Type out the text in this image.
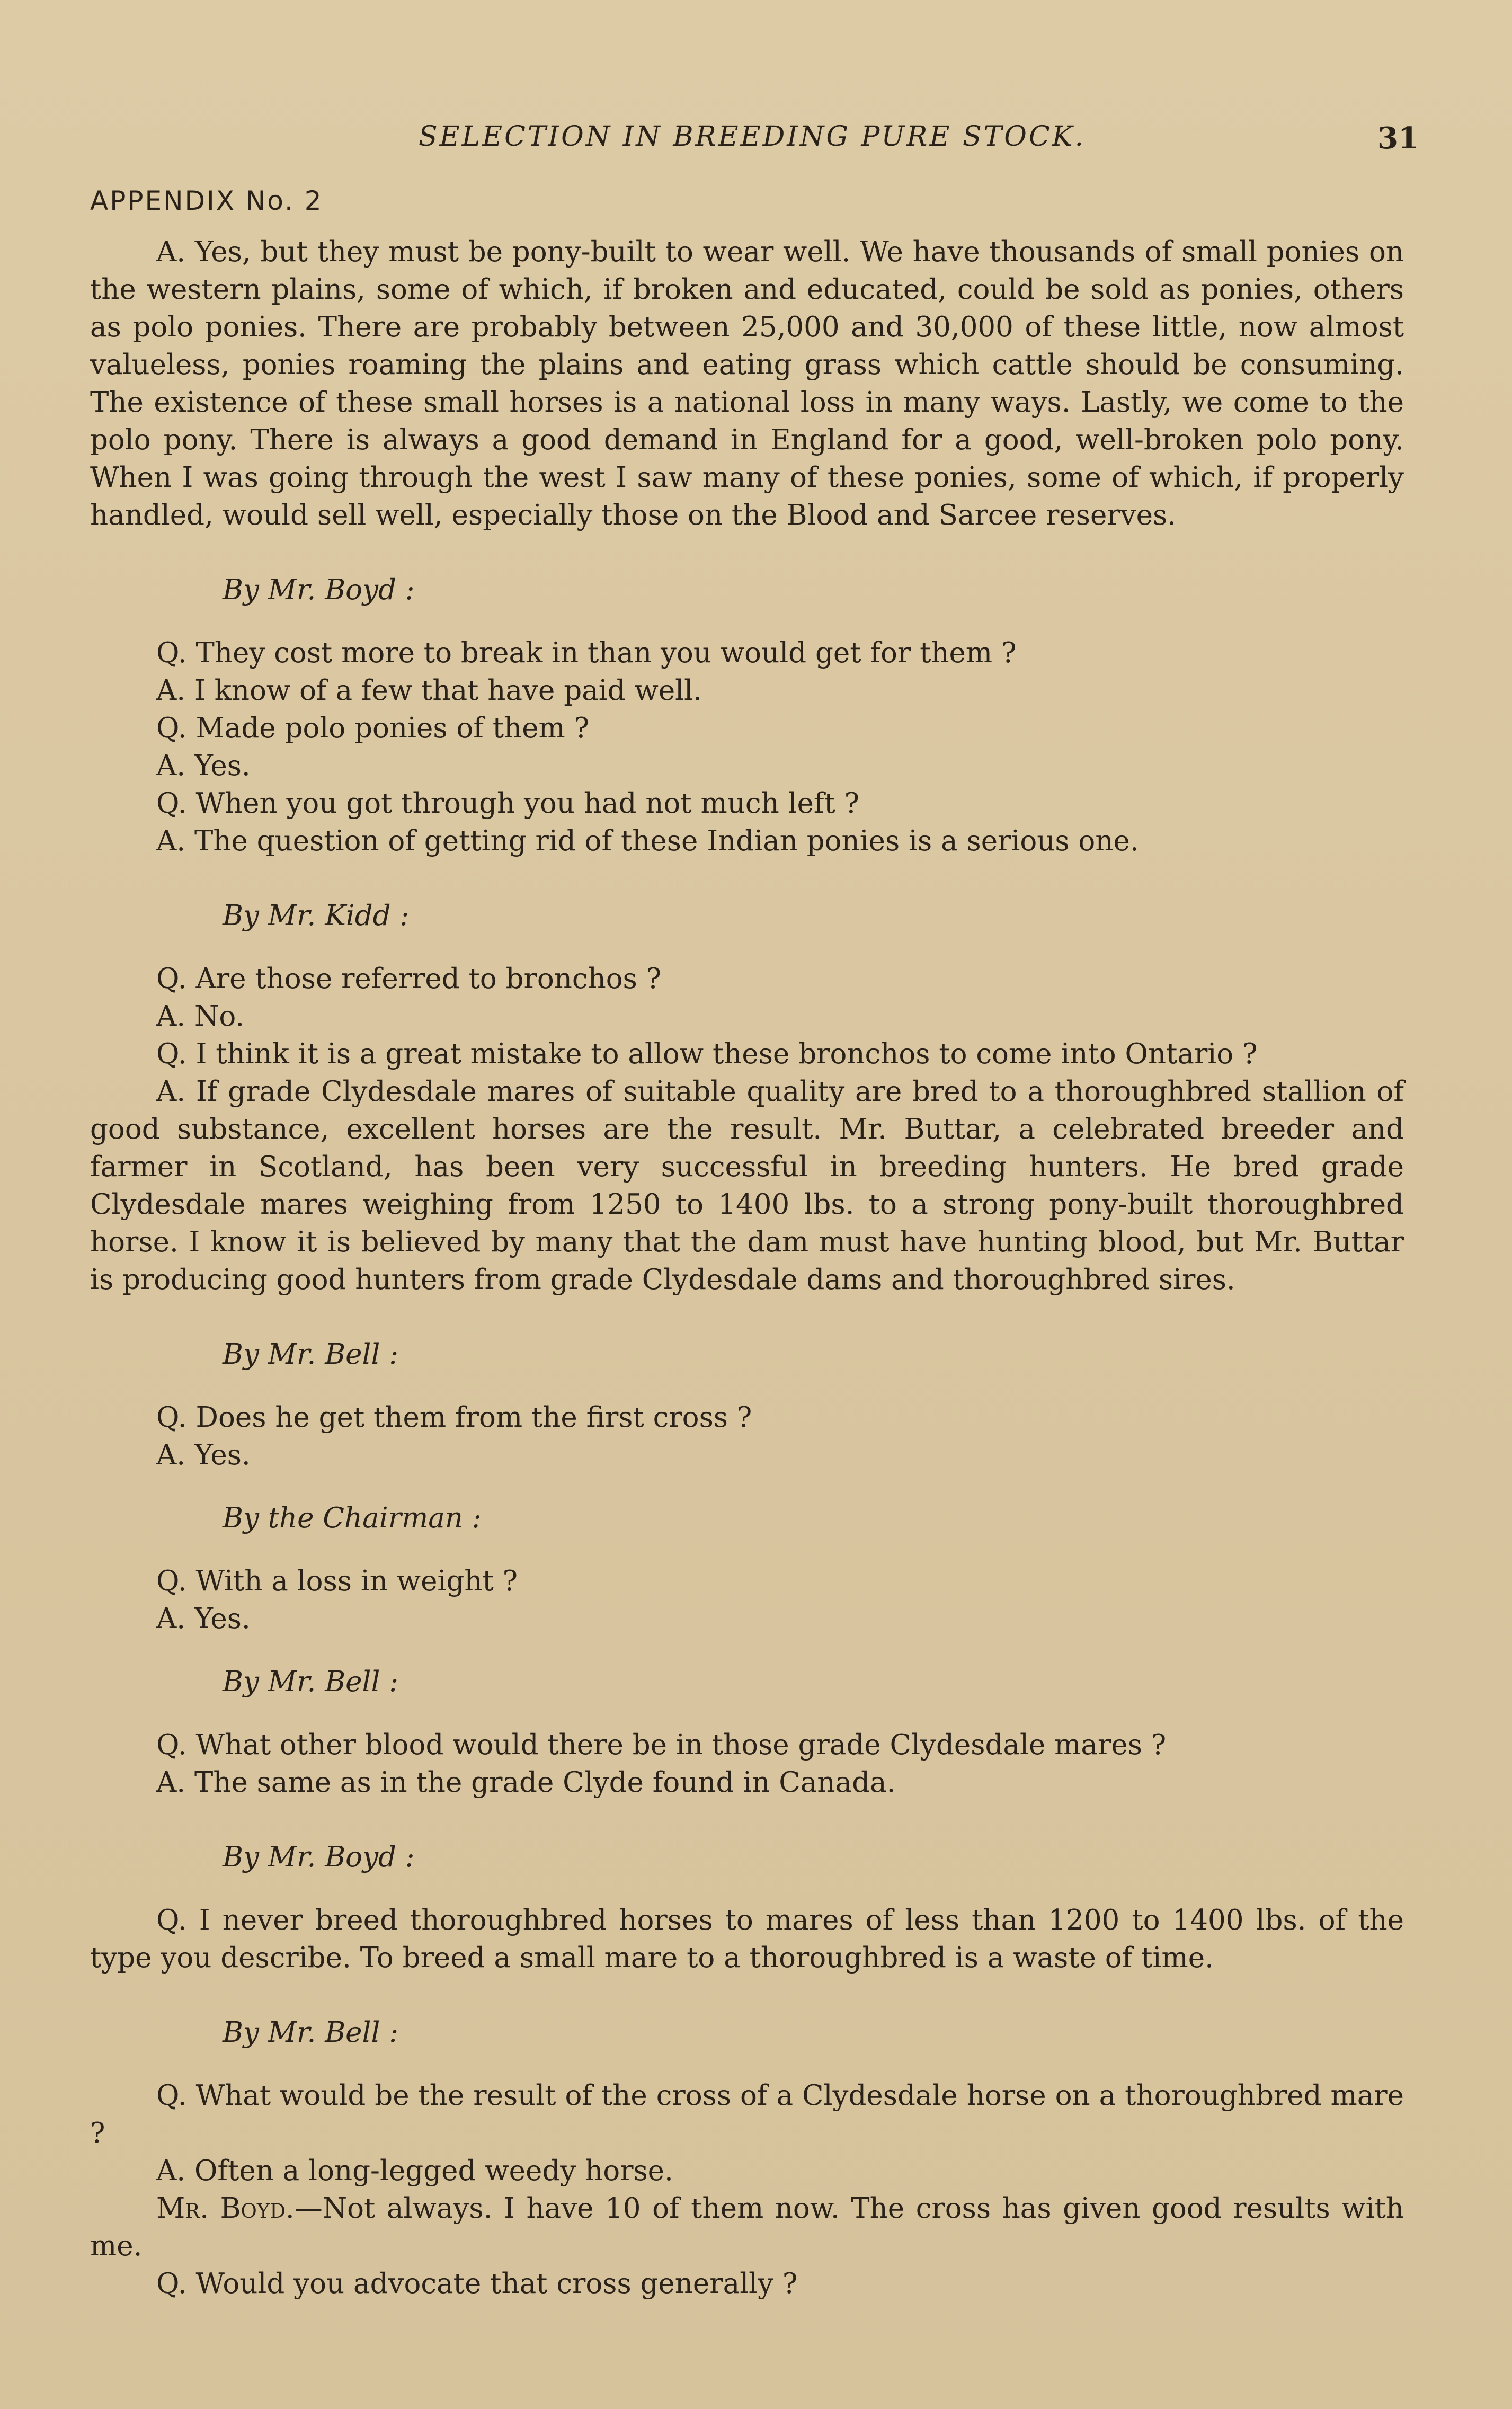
SELECTION IN BREEDING PURE STOCK.	31
APPENDIX No. 2

A. Yes, but they must be pony-built to wear well. We have thousands of small ponies on the western plains, some of which, if broken and educated, could be sold as ponies, others as polo ponies. There are probably between 25,000 and 30,000 of these little, now almost valueless, ponies roaming the plains and eating grass which cattle should be consuming. The existence of these small horses is a national loss in many ways. Lastly, we come to the polo pony. There is always a good demand in England for a good, well-broken polo pony. When I was going through the west I saw many of these ponies, some of which, if properly handled, would sell well, especially those on the Blood and Sarcee reserves.

By Mr. Boyd :

Q. They cost more to break in than you would get for them ?

A. I know of a few that have paid well.

Q. Made polo ponies of them ?

A. Yes.

Q. When you got through you had not much left ?

A. The question of getting rid of these Indian ponies is a serious one.

By Mr. Kidd :

Q. Are those referred to bronchos ?

A. No.

Q. I think it is a great mistake to allow these bronchos to come into Ontario ?

A. If grade Clydesdale mares of suitable quality are bred to a thoroughbred stallion of good substance, excellent horses are the result. Mr. Buttar, a celebrated breeder and farmer in Scotland, has been very successful in breeding hunters. He bred grade Clydesdale mares weighing from 1250 to 1400 lbs. to a strong pony-built thoroughbred horse. I know it is believed by many that the dam must have hunting blood, but Mr. Buttar is producing good hunters from grade Clydesdale dams and thoroughbred sires.

By Mr. Bell :

Q. Does he get them from the first cross ?

A. Yes.

By the Chairman :

Q. With a loss in weight ?

A. Yes.

By Mr. Bell :

Q. What other blood would there be in those grade Clydesdale mares ?

A. The same as in the grade Clyde found in Canada.

By Mr. Boyd :

Q. I never breed thoroughbred horses to mares of less than 1200 to 1400 lbs. of the type you describe. To breed a small mare to a thoroughbred is a waste of time.

By Mr. Bell :

Q. What would be the result of the cross of a Clydesdale horse on a thoroughbred mare ?

A. Often a long-legged weedy horse.

Mr. Boyd.—Not always. I have 10 of them now. The cross has given good results with me.

Q. Would you advocate that cross generally ?
